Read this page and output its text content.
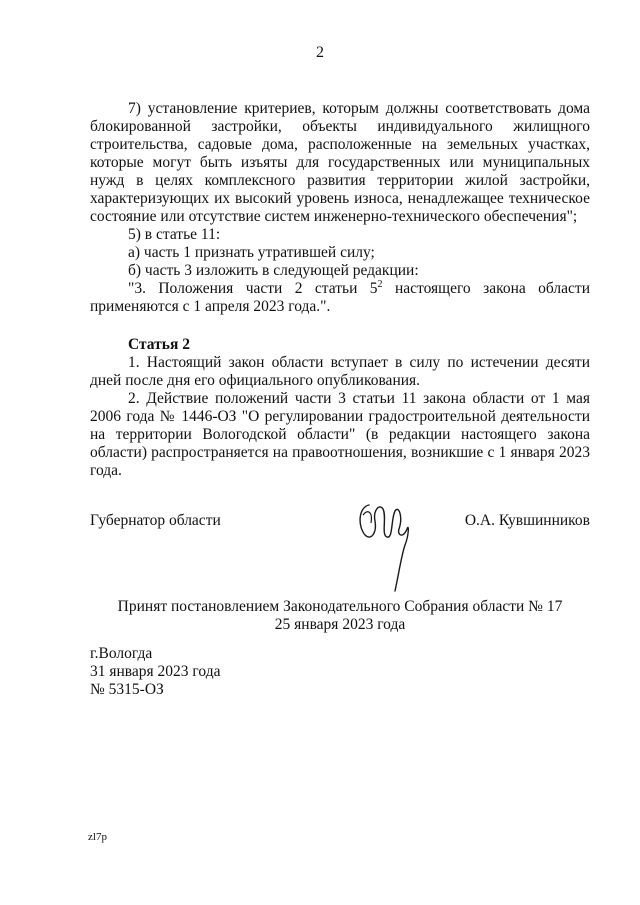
2

7) установление критериев, которым должны соответствовать дома блокированной застройки, объекты индивидуального жилищного строительства, садовые дома, расположенные на земельных участках, которые могут быть изъяты для государственных или муниципальных нужд в целях комплексного развития территории жилой застройки, характеризующих их высокий уровень износа, ненадлежащее техническое состояние или отсутствие систем инженерно-технического обеспечения";

5) в статье 11:

а) часть 1 признать утратившей силу;

б) часть 3 изложить в следующей редакции:

"3. Положения части 2 статьи $5^2$ настоящего закона области применяются с 1 апреля 2023 года.".

Статья 2

1. Настоящий закон области вступает в силу по истечении десяти дней после дня его официального опубликования.

2. Действие положений части 3 статьи 11 закона области от 1 мая 2006 года № 1446-ОЗ "О регулировании градостроительной деятельности на территории Вологодской области" (в редакции настоящего закона области) распространяется на правоотношения, возникшие с 1 января 2023 года.

Губернатор области	О.А. Кувшинников
Принят постановлением Законодательного Собрания области № 17
25 января 2023 года
г.Вологда
31 января 2023 года
№ 5315-ОЗ
zl7p
